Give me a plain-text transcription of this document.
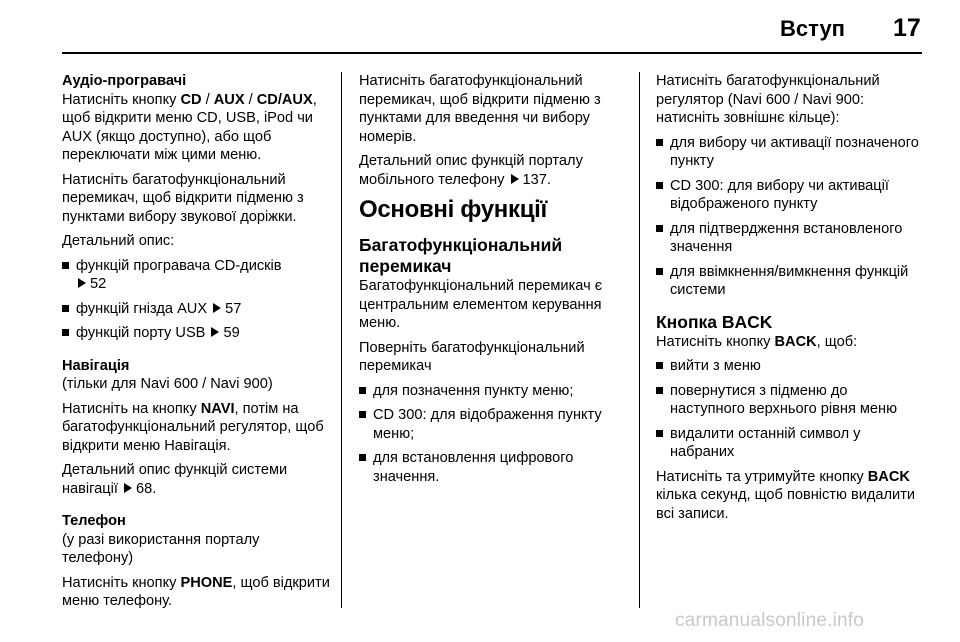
Вступ 17
Аудіо-програвачі
Натисніть кнопку CD / AUX / CD/AUX, щоб відкрити меню CD, USB, iPod чи AUX (якщо доступно), або щоб переключати між цими меню.
Натисніть багатофункціональний перемикач, щоб відкрити підменю з пунктами вибору звукової доріжки.
Детальний опис:
функцій програвача CD-дисків
52
функцій гнізда AUX 57
функцій порту USB 59
Навігація
(тільки для Navi 600 / Navi 900)
Натисніть на кнопку NAVI, потім на багатофункціональний регулятор, щоб відкрити меню Навігація.
Детальний опис функцій системи навігації 68.
Телефон
(у разі використання порталу телефону)
Натисніть кнопку PHONE, щоб відкрити меню телефону.
Натисніть багатофункціональний перемикач, щоб відкрити підменю з пунктами для введення чи вибору номерів.
Детальний опис функцій порталу мобільного телефону 137.
Основні функції
Багатофункціональний перемикач
Багатофункціональний перемикач є центральним елементом керування меню.
Поверніть багатофункціональний перемикач
для позначення пункту меню;
CD 300: для відображення пункту меню;
для встановлення цифрового значення.
Натисніть багатофункціональний регулятор (Navi 600 / Navi 900: натисніть зовнішнє кільце):
для вибору чи активації позначеного пункту
CD 300: для вибору чи активації відображеного пункту
для підтвердження встановленого значення
для ввімкнення/вимкнення функцій системи
Кнопка BACK
Натисніть кнопку BACK, щоб:
вийти з меню
повернутися з підменю до наступного верхнього рівня меню
видалити останній символ у набраних
Натисніть та утримуйте кнопку BACK кілька секунд, щоб повністю видалити всі записи.
carmanualsonline.info
